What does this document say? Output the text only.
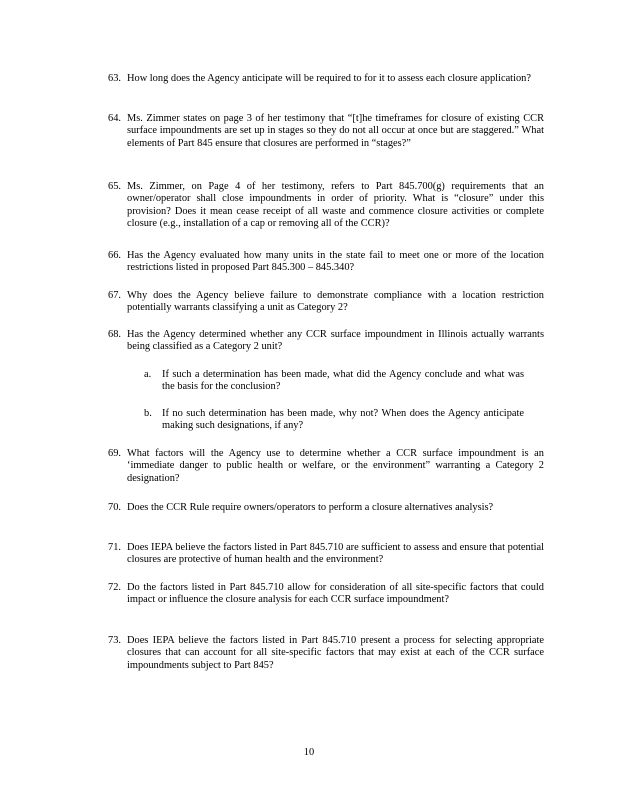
63. How long does the Agency anticipate will be required to for it to assess each closure application?
64. Ms. Zimmer states on page 3 of her testimony that “[t]he timeframes for closure of existing CCR surface impoundments are set up in stages so they do not all occur at once but are staggered.” What elements of Part 845 ensure that closures are performed in “stages?”
65. Ms. Zimmer, on Page 4 of her testimony, refers to Part 845.700(g) requirements that an owner/operator shall close impoundments in order of priority. What is “closure” under this provision? Does it mean cease receipt of all waste and commence closure activities or complete closure (e.g., installation of a cap or removing all of the CCR)?
66. Has the Agency evaluated how many units in the state fail to meet one or more of the location restrictions listed in proposed Part 845.300 – 845.340?
67. Why does the Agency believe failure to demonstrate compliance with a location restriction potentially warrants classifying a unit as Category 2?
68. Has the Agency determined whether any CCR surface impoundment in Illinois actually warrants being classified as a Category 2 unit?
a. If such a determination has been made, what did the Agency conclude and what was the basis for the conclusion?
b. If no such determination has been made, why not? When does the Agency anticipate making such designations, if any?
69. What factors will the Agency use to determine whether a CCR surface impoundment is an ‘immediate danger to public health or welfare, or the environment” warranting a Category 2 designation?
70. Does the CCR Rule require owners/operators to perform a closure alternatives analysis?
71. Does IEPA believe the factors listed in Part 845.710 are sufficient to assess and ensure that potential closures are protective of human health and the environment?
72. Do the factors listed in Part 845.710 allow for consideration of all site-specific factors that could impact or influence the closure analysis for each CCR surface impoundment?
73. Does IEPA believe the factors listed in Part 845.710 present a process for selecting appropriate closures that can account for all site-specific factors that may exist at each of the CCR surface impoundments subject to Part 845?
10
